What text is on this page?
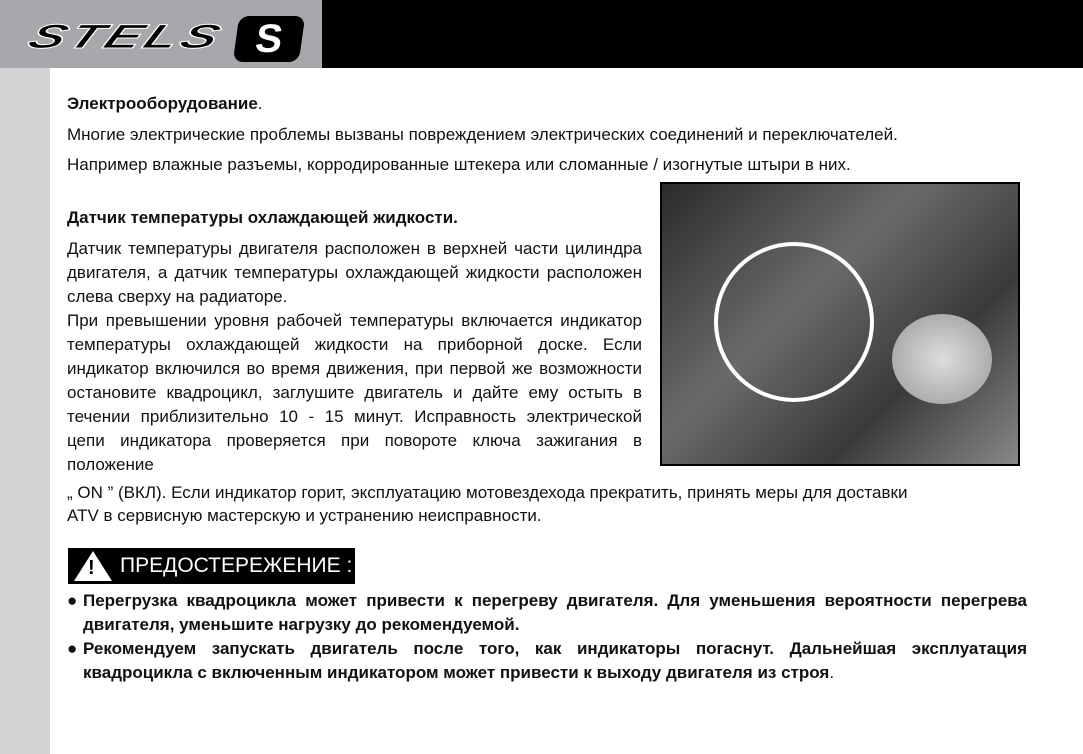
STELS S
Электрооборудование.
Многие электрические проблемы вызваны повреждением электрических соединений и переключателей.
Например влажные разъемы, корродированные штекера или сломанные / изогнутые штыри в них.
Датчик температуры охлаждающей жидкости.
Датчик температуры двигателя расположен в верхней части цилиндра двигателя, а датчик температуры охлаждающей жидкости расположен слева сверху на радиаторе.
При превышении уровня рабочей температуры включается индикатор температуры охлаждающей жидкости на приборной доске. Если индикатор включился во время движения, при первой же возможности остановите квадроцикл, заглушите двигатель и дайте ему остыть в течении приблизительно 10 - 15 минут. Исправность электрической цепи индикатора проверяется при повороте ключа зажигания в положение
„ ON ” (ВКЛ). Если индикатор горит, эксплуатацию мотовездехода прекратить, принять меры для доставки
ATV в сервисную мастерскую и устранению неисправности.
! ПРЕДОСТЕРЕЖЕНИЕ :
● Перегрузка квадроцикла может привести к перегреву двигателя. Для уменьшения вероятности перегрева двигателя, уменьшите нагрузку до рекомендуемой.
● Рекомендуем запускать двигатель после того, как индикаторы погаснут. Дальнейшая эксплуатация квадроцикла с включенным индикатором может привести к выходу двигателя из строя.
